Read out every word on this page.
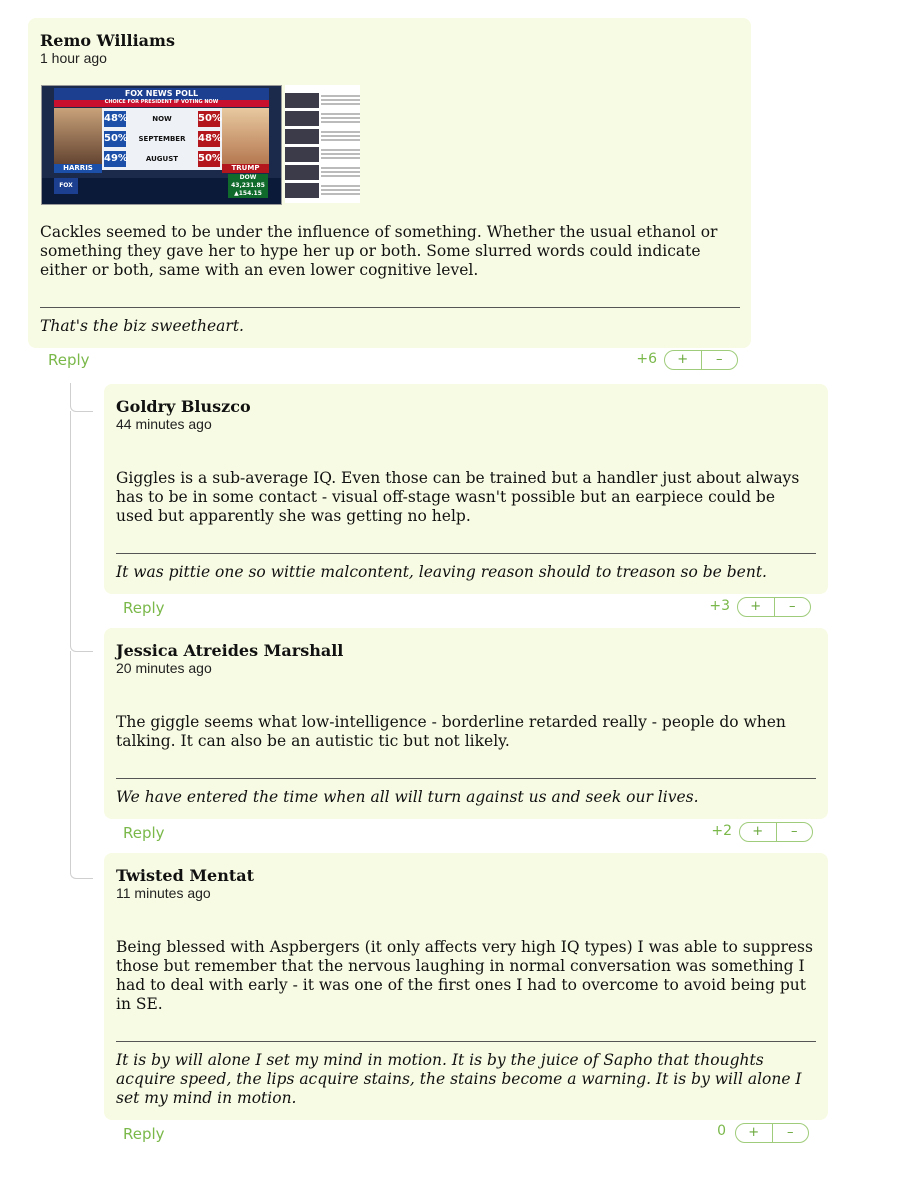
Remo Williams
1 hour ago
FOX NEWS POLL
CHOICE FOR PRESIDENT IF VOTING NOW
48%	NOW	50%
50%	SEPTEMBER	48%
49%	AUGUST	50%
HARRIS	TRUMP
FOX
DOW
43,231.85
▲154.15
Cackles seemed to be under the influence of something. Whether the usual ethanol or something they gave her to hype her up or both. Some slurred words could indicate either or both, same with an even lower cognitive level.
That's the biz sweetheart.
Reply	+6	+	–
Goldry Bluszco
44 minutes ago
Giggles is a sub-average IQ. Even those can be trained but a handler just about always has to be in some contact - visual off-stage wasn't possible but an earpiece could be used but apparently she was getting no help.
It was pittie one so wittie malcontent, leaving reason should to treason so be bent.
Reply	+3	+	–
Jessica Atreides Marshall
20 minutes ago
The giggle seems what low-intelligence - borderline retarded really - people do when talking. It can also be an autistic tic but not likely.
We have entered the time when all will turn against us and seek our lives.
Reply	+2	+	–
Twisted Mentat
11 minutes ago
Being blessed with Aspbergers (it only affects very high IQ types) I was able to suppress those but remember that the nervous laughing in normal conversation was something I had to deal with early - it was one of the first ones I had to overcome to avoid being put in SE.
It is by will alone I set my mind in motion. It is by the juice of Sapho that thoughts acquire speed, the lips acquire stains, the stains become a warning. It is by will alone I set my mind in motion.
Reply	0	+	–
